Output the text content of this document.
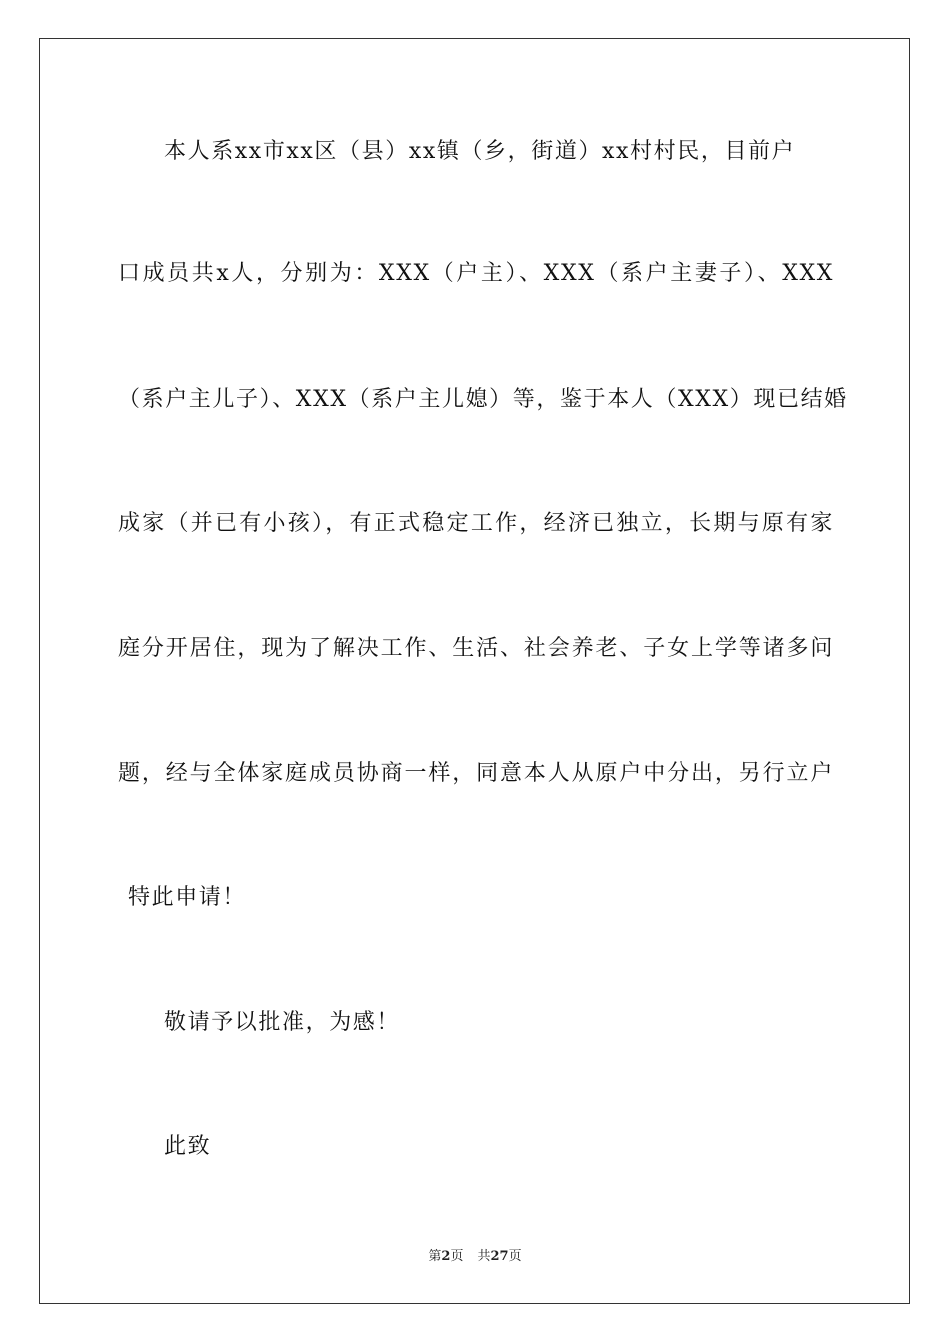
本人系xx市xx区（县）xx镇（乡，街道）xx村村民，目前户
口成员共x人，分别为：XXX（户主）、XXX（系户主妻子）、XXX
（系户主儿子）、XXX（系户主儿媳）等，鉴于本人（XXX）现已结婚
成家（并已有小孩），有正式稳定工作，经济已独立，长期与原有家
庭分开居住，现为了解决工作、生活、社会养老、子女上学等诸多问
题，经与全体家庭成员协商一样，同意本人从原户中分出，另行立户
特此申请！
敬请予以批准，为感！
此致
第2页 共27页
